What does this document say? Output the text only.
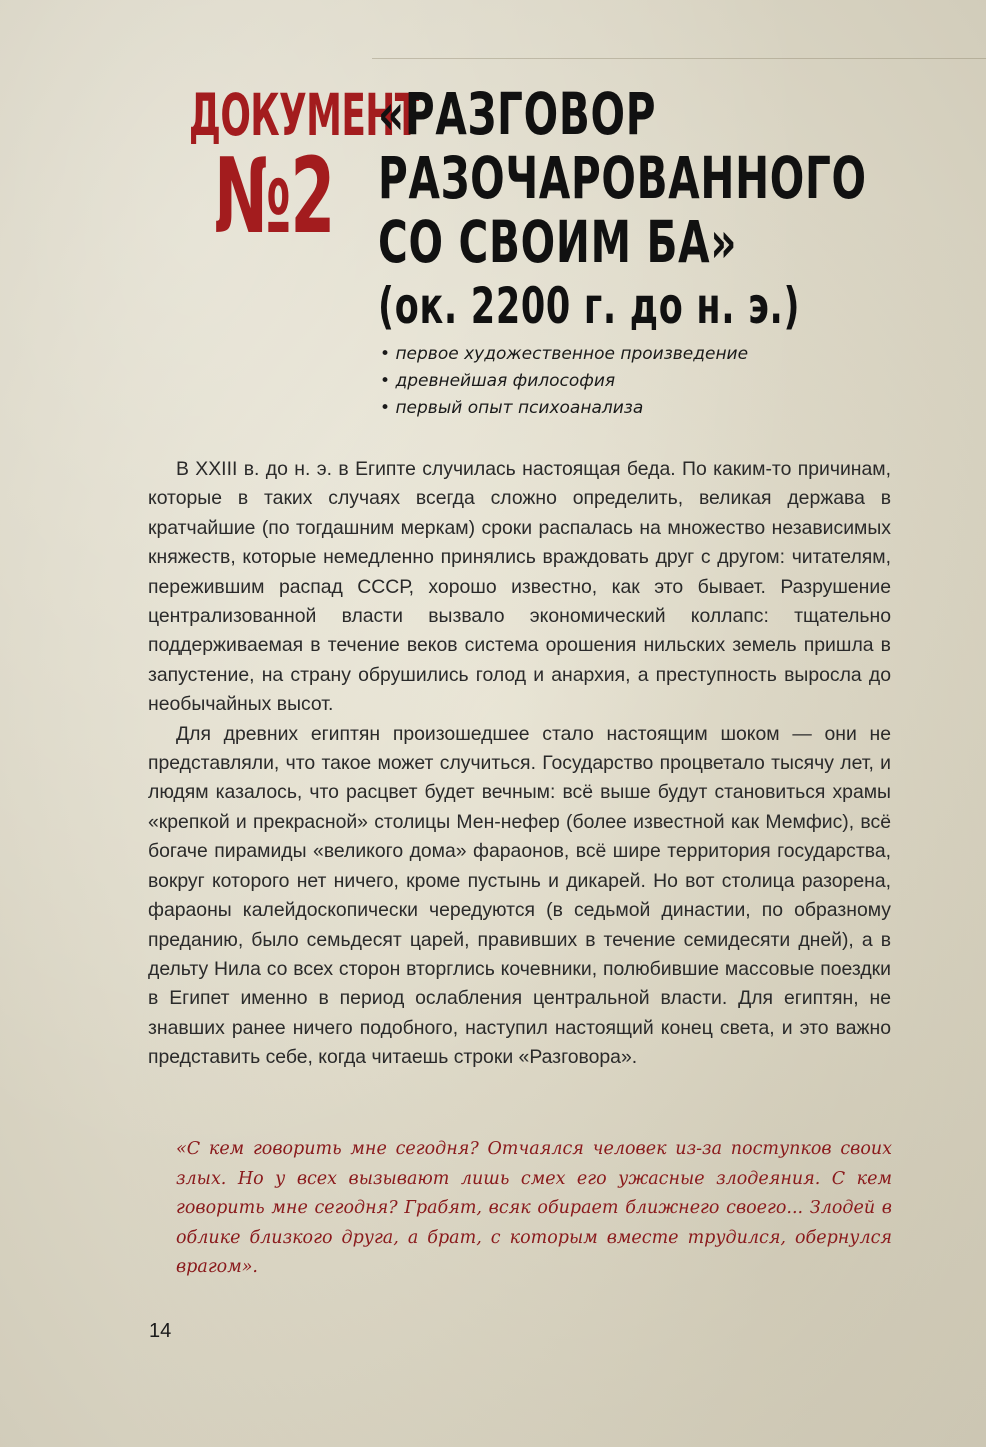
ДОКУМЕНТ
№2
«РАЗГОВОР
РАЗОЧАРОВАННОГО
СО СВОИМ БА»
(ок. 2200 г. до н. э.)
• первое художественное произведение
• древнейшая философия
• первый опыт психоанализа

В XXIII в. до н. э. в Египте случилась настоящая беда. По каким-то причинам, которые в таких случаях всегда сложно определить, великая держава в кратчайшие (по тогдашним меркам) сроки распалась на множество независимых княжеств, которые немедленно принялись враждовать друг с другом: читателям, пережившим распад СССР, хорошо известно, как это бывает. Разрушение централизованной власти вызвало экономический коллапс: тщательно поддерживаемая в течение веков система орошения нильских земель пришла в запустение, на страну обрушились голод и анархия, а преступность выросла до необычайных высот.

Для древних египтян произошедшее стало настоящим шоком — они не представляли, что такое может случиться. Государство процветало тысячу лет, и людям казалось, что расцвет будет вечным: всё выше будут становиться храмы «крепкой и прекрасной» столицы Мен-нефер (более известной как Мемфис), всё богаче пирамиды «великого дома» фараонов, всё шире территория государства, вокруг которого нет ничего, кроме пустынь и дикарей. Но вот столица разорена, фараоны калейдоскопически чередуются (в седьмой династии, по образному преданию, было семьдесят царей, правивших в течение семидесяти дней), а в дельту Нила со всех сторон вторглись кочевники, полюбившие массовые поездки в Египет именно в период ослабления центральной власти. Для египтян, не знавших ранее ничего подобного, наступил настоящий конец света, и это важно представить себе, когда читаешь строки «Разговора».

«С кем говорить мне сегодня? Отчаялся человек из-за поступков своих злых. Но у всех вызывают лишь смех его ужасные злодеяния. С кем говорить мне сегодня? Грабят, всяк обирает ближнего своего... Злодей в облике близкого друга, а брат, с которым вместе трудился, обернулся врагом».

14
